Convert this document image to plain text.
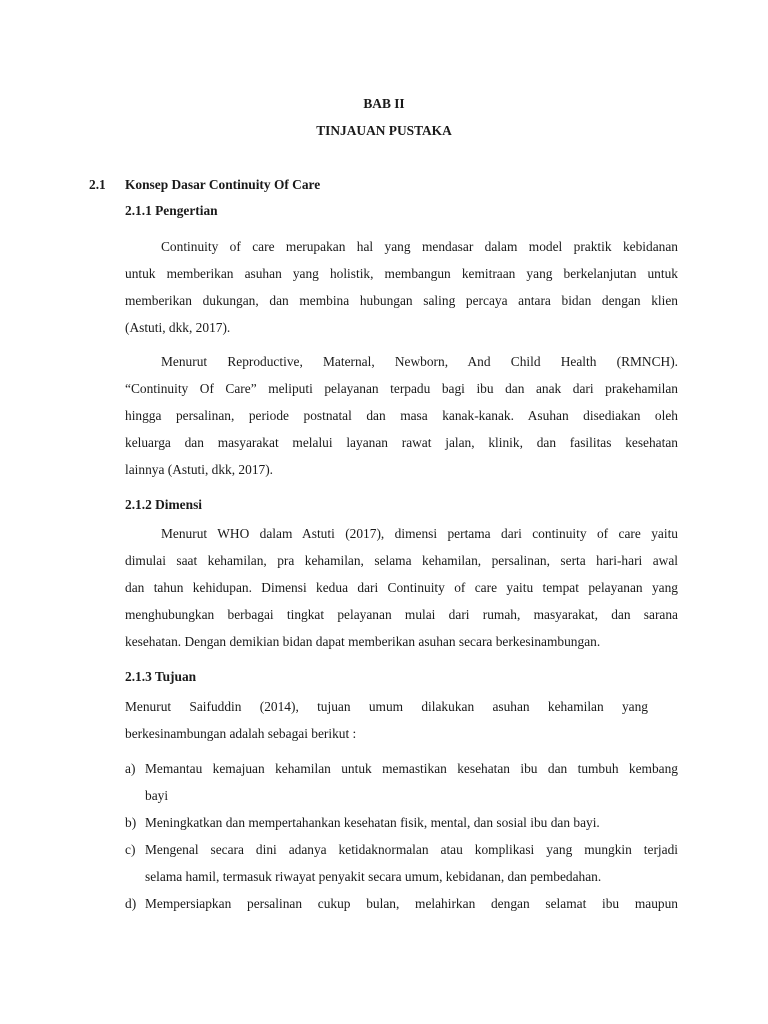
BAB II
TINJAUAN PUSTAKA
2.1 Konsep Dasar Continuity Of Care
2.1.1 Pengertian
Continuity of care merupakan hal yang mendasar dalam model praktik kebidanan
untuk memberikan asuhan yang holistik, membangun kemitraan yang berkelanjutan untuk
memberikan dukungan, dan membina hubungan saling percaya antara bidan dengan klien
(Astuti, dkk, 2017).
Menurut Reproductive, Maternal, Newborn, And Child Health (RMNCH).
“Continuity Of Care” meliputi pelayanan terpadu bagi ibu dan anak dari prakehamilan
hingga persalinan, periode postnatal dan masa kanak-kanak. Asuhan disediakan oleh
keluarga dan masyarakat melalui layanan rawat jalan, klinik, dan fasilitas kesehatan
lainnya (Astuti, dkk, 2017).
2.1.2 Dimensi
Menurut WHO dalam Astuti (2017), dimensi pertama dari continuity of care yaitu
dimulai saat kehamilan, pra kehamilan, selama kehamilan, persalinan, serta hari-hari awal
dan tahun kehidupan. Dimensi kedua dari Continuity of care yaitu tempat pelayanan yang
menghubungkan berbagai tingkat pelayanan mulai dari rumah, masyarakat, dan sarana
kesehatan. Dengan demikian bidan dapat memberikan asuhan secara berkesinambungan.
2.1.3 Tujuan
Menurut Saifuddin (2014), tujuan umum dilakukan asuhan kehamilan yang
berkesinambungan adalah sebagai berikut :
a) Memantau kemajuan kehamilan untuk memastikan kesehatan ibu dan tumbuh kembang
bayi
b) Meningkatkan dan mempertahankan kesehatan fisik, mental, dan sosial ibu dan bayi.
c) Mengenal secara dini adanya ketidaknormalan atau komplikasi yang mungkin terjadi
selama hamil, termasuk riwayat penyakit secara umum, kebidanan, dan pembedahan.
d) Mempersiapkan persalinan cukup bulan, melahirkan dengan selamat ibu maupun
